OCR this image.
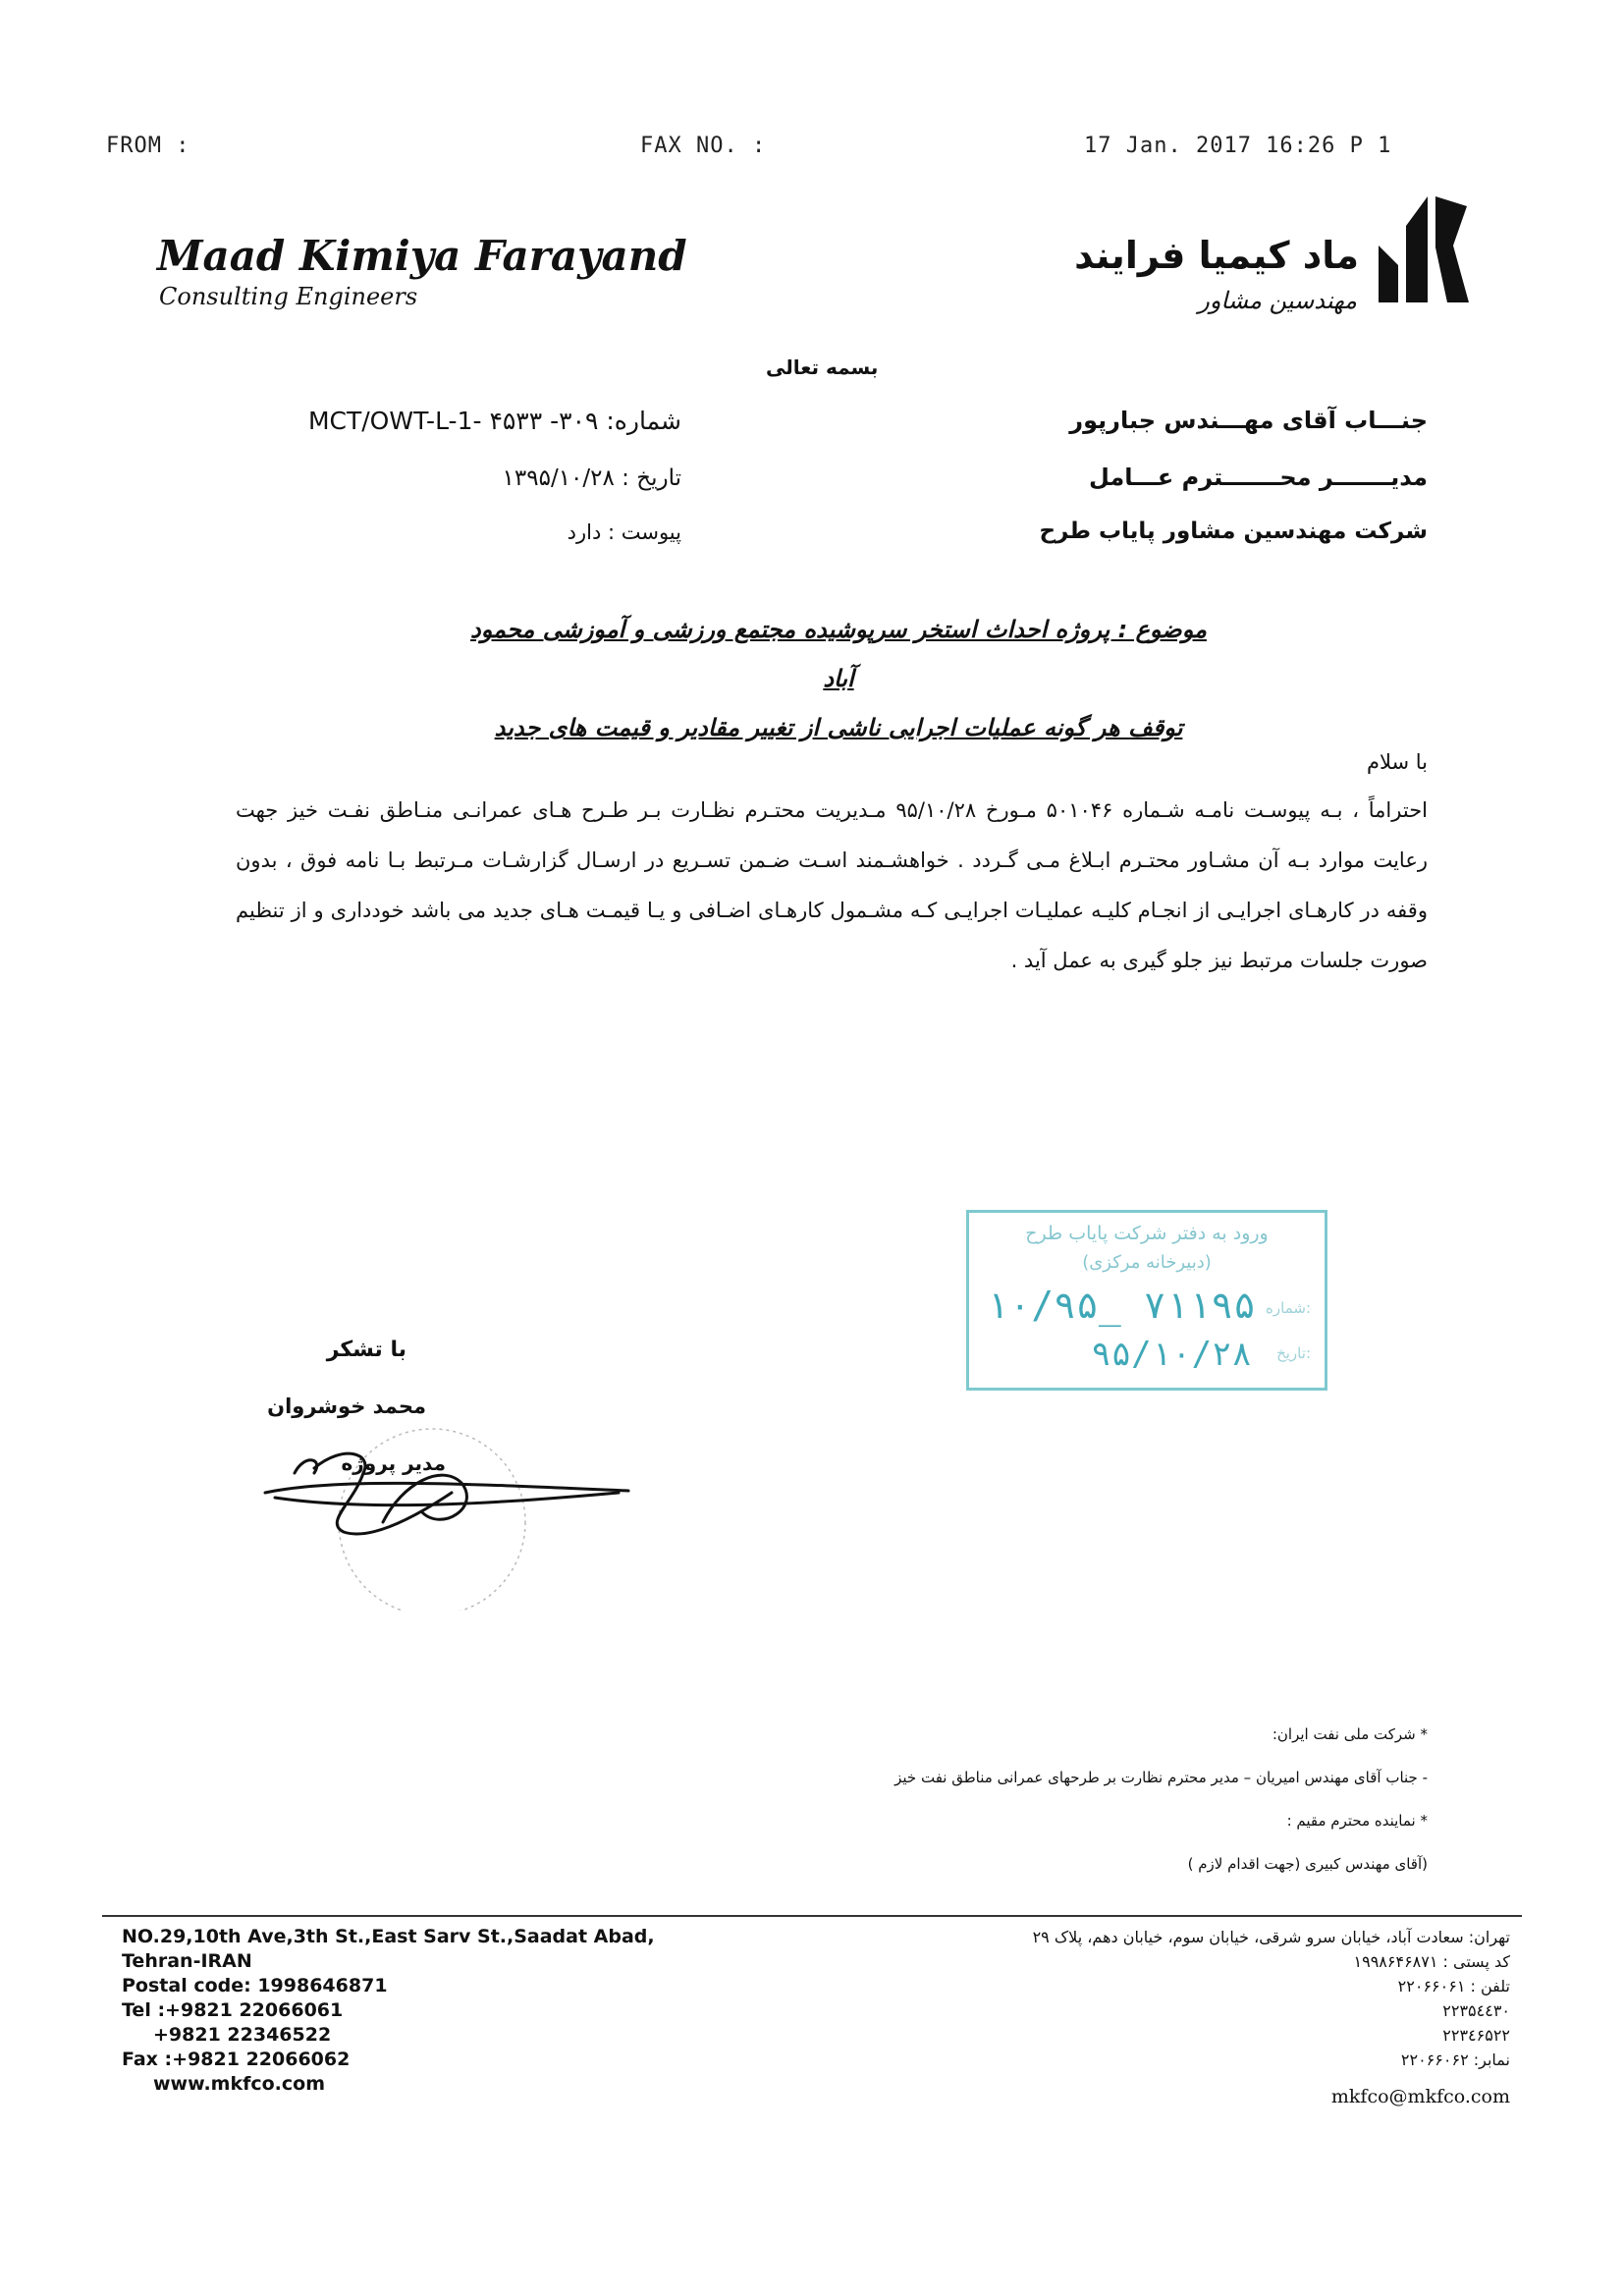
FROM :	FAX NO. :	17 Jan. 2017 16:26 P 1
Maad Kimiya Farayand
Consulting Engineers
ماد کیمیا فرایند
مهندسین مشاور
بسمه تعالی
شماره: ۳۰۹- MCT/OWT-L-1- ۴۵۳۳
تاریخ : ۱۳۹۵/۱۰/۲۸
پیوست : دارد
جنـــاب آقای مهـــندس جبارپور
مدیـــــــر محـــــــترم عـــامل
شرکت مهندسین مشاور پایاب طرح
موضوع : پروژه احداث استخر سرپوشیده مجتمع ورزشی و آموزشی محمود آباد
توقف هر گونه عملیات اجرایی ناشی از تغییر مقادیر و قیمت های جدید
با سلام
احتراماً ، بـه پیوسـت نامـه شـماره ۵۰۱۰۴۶ مـورخ ۹۵/۱۰/۲۸ مـدیریت محتـرم نظـارت بـر طـرح هـای عمرانـی منـاطق نفـت خیز جهت رعایت موارد بـه آن مشـاور محتـرم ابـلاغ مـی گـردد . خواهشـمند اسـت ضـمن تسـریع در ارسـال گزارشـات مـرتبط بـا نامه فوق ، بدون وقفه در کارهـای اجرایـی از انجـام کلیـه عملیـات اجرایـی کـه مشـمول کارهـای اضـافی و یـا قیمـت هـای جدید می باشد خودداری و از تنظیم صورت جلسات مرتبط نیز جلو گیری به عمل آید .
ورود به دفتر شرکت پایاب طرح
(دبیرخانه مرکزی)
شماره:
تاریخ:
۱۰/۹۵_ ۷۱۱۹۵
۹۵/۱۰/۲۸
با تشکر
محمد خوشروان
مدیر پروژه
* شرکت ملی نفت ایران:
- جناب آقای مهندس امیریان – مدیر محترم نظارت بر طرحهای عمرانی مناطق نفت خیز
* نماینده محترم مقیم :
(آقای مهندس کبیری (جهت اقدام لازم )
NO.29,10th Ave,3th St.,East Sarv St.,Saadat Abad,
Tehran-IRAN
Postal code: 1998646871
Tel :+9821 22066061
+9821 22346522
Fax :+9821 22066062
www.mkfco.com
تهران: سعادت آباد، خیابان سرو شرقی، خیابان سوم، خیابان دهم، پلاک ۲۹
کد پستی : ۱۹۹۸۶۴۶۸۷۱
تلفن : ۲۲۰۶۶۰۶۱
۲۲۳۵٤٤٣٠
۲۲۳٤۶۵۲۲
نمابر: ۲۲۰۶۶۰۶۲
mkfco@mkfco.com
